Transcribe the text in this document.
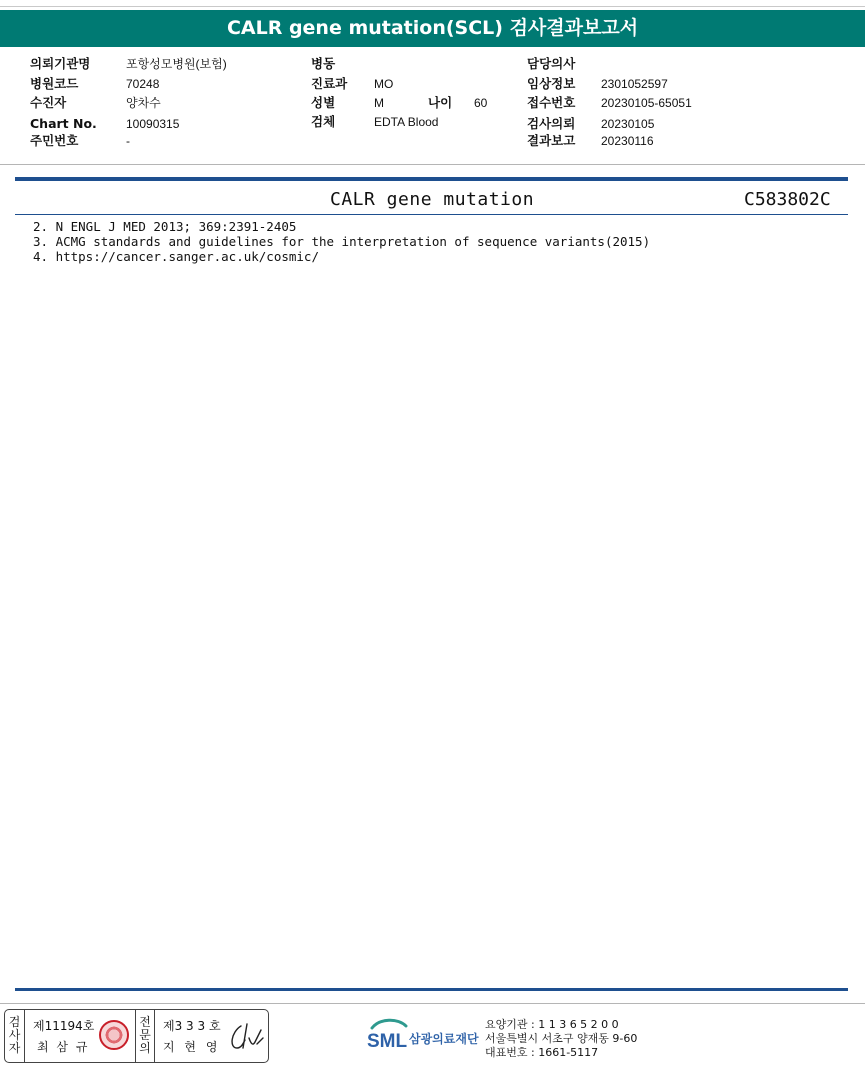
CALR gene mutation(SCL) 검사결과보고서
의뢰기관명	포항성모병원(보험)
병원코드	70248
수진자	양차수
Chart No. 10090315
주민번호	-
병동
진료과 MO
성별	M	나이 60
검체	EDTA Blood
담당의사
임상정보 2301052597
접수번호 20230105-65051
검사의뢰 20230105
결과보고 20230116
CALR gene mutation	C583802C
2. N ENGL J MED 2013; 369:2391-2405
3. ACMG standards and guidelines for the interpretation of sequence variants(2015)
4. https://cancer.sanger.ac.uk/cosmic/
검사자
제11194호
최 삼 규
전문의
제3 3 3 호
지 현 영	SML 삼광의료재단
요양기관 : 1 1 3 6 5 2 0 0
서울특별시 서초구 양재동 9-60
대표번호 : 1661-5117
